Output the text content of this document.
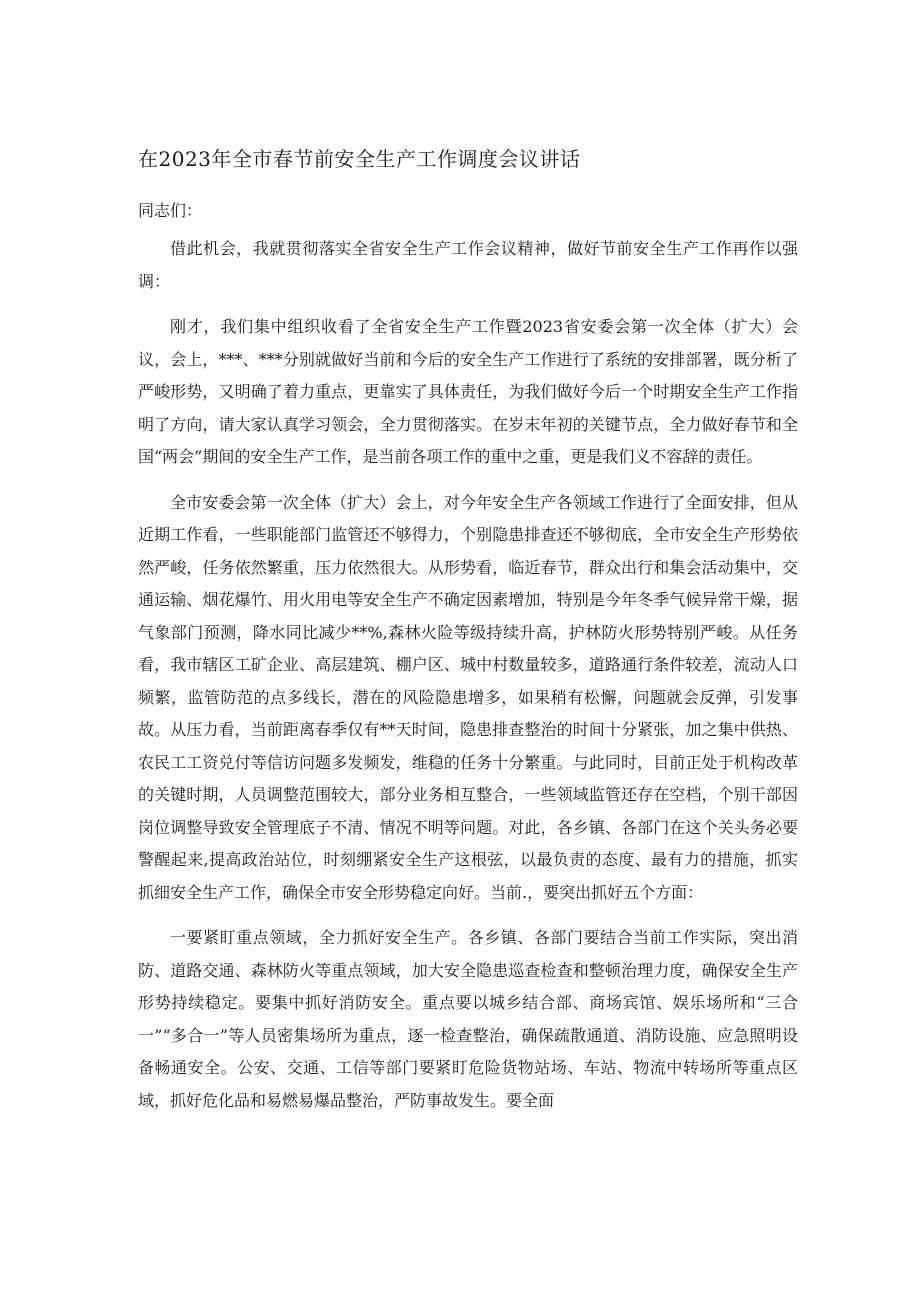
在2023年全市春节前安全生产工作调度会议讲话

同志们：

借此机会，我就贯彻落实全省安全生产工作会议精神，做好节前安全生产工作再作以强调：

刚才，我们集中组织收看了全省安全生产工作暨2023省安委会第一次全体（扩大）会议，会上，***、***分别就做好当前和今后的安全生产工作进行了系统的安排部署，既分析了严峻形势，又明确了着力重点，更靠实了具体责任，为我们做好今后一个时期安全生产工作指明了方向，请大家认真学习领会，全力贯彻落实。在岁末年初的关键节点，全力做好春节和全国“两会”期间的安全生产工作，是当前各项工作的重中之重，更是我们义不容辞的责任。

全市安委会第一次全体（扩大）会上，对今年安全生产各领域工作进行了全面安排，但从近期工作看，一些职能部门监管还不够得力，个别隐患排查还不够彻底，全市安全生产形势依然严峻，任务依然繁重，压力依然很大。从形势看，临近春节，群众出行和集会活动集中，交通运输、烟花爆竹、用火用电等安全生产不确定因素增加，特别是今年冬季气候异常干燥，据气象部门预测，降水同比减少**%,森林火险等级持续升高，护林防火形势特别严峻。从任务看，我市辖区工矿企业、高层建筑、棚户区、城中村数量较多，道路通行条件较差，流动人口频繁，监管防范的点多线长，潜在的风险隐患增多，如果稍有松懈，问题就会反弹，引发事故。从压力看，当前距离春季仅有**天时间，隐患排查整治的时间十分紧张，加之集中供热、农民工工资兑付等信访问题多发频发，维稳的任务十分繁重。与此同时，目前正处于机构改革的关键时期，人员调整范围较大，部分业务相互整合，一些领域监管还存在空档，个别干部因岗位调整导致安全管理底子不清、情况不明等问题。对此，各乡镇、各部门在这个关头务必要警醒起来,提高政治站位，时刻绷紧安全生产这根弦，以最负责的态度、最有力的措施，抓实抓细安全生产工作，确保全市安全形势稳定向好。当前.，要突出抓好五个方面：

一要紧盯重点领域，全力抓好安全生产。各乡镇、各部门要结合当前工作实际，突出消防、道路交通、森林防火等重点领域，加大安全隐患巡查检查和整顿治理力度，确保安全生产形势持续稳定。要集中抓好消防安全。重点要以城乡结合部、商场宾馆、娱乐场所和“三合一”“多合一”等人员密集场所为重点，逐一检查整治，确保疏散通道、消防设施、应急照明设备畅通安全。公安、交通、工信等部门要紧盯危险货物站场、车站、物流中转场所等重点区域，抓好危化品和易燃易爆品整治，严防事故发生。要全面
